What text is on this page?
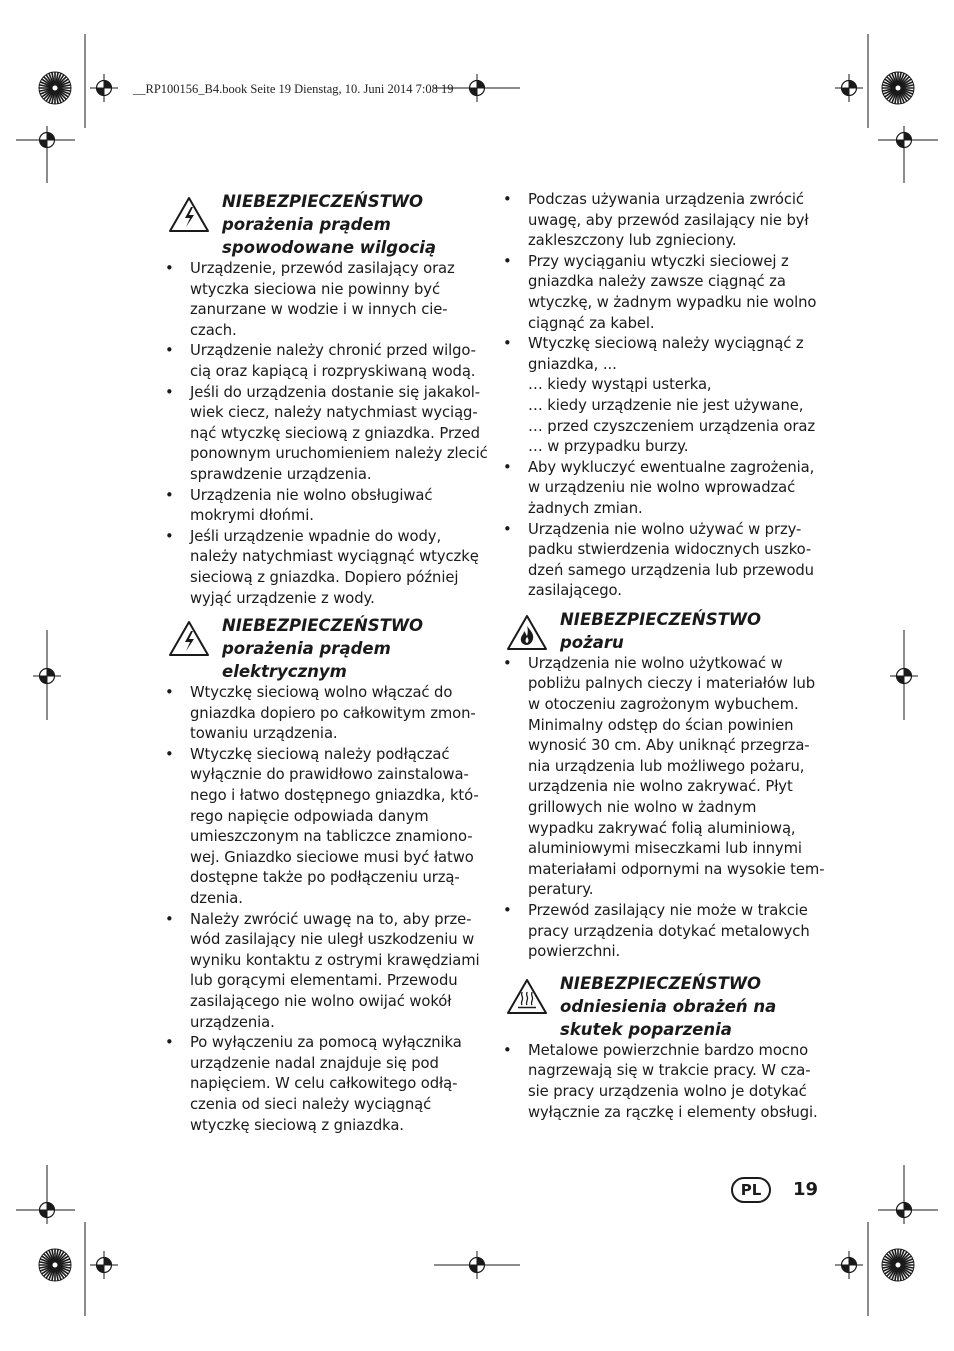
__RP100156_B4.book Seite 19 Dienstag, 10. Juni 2014 7:08 19
NIEBEZPIECZEŃSTWO
porażenia prądem
spowodowane wilgocią
• Urządzenie, przewód zasilający oraz
wtyczka sieciowa nie powinny być
zanurzane w wodzie i w innych cie-
czach.
• Urządzenie należy chronić przed wilgo-
cią oraz kapiącą i rozpryskiwaną wodą.
• Jeśli do urządzenia dostanie się jakakol-
wiek ciecz, należy natychmiast wyciąg-
nąć wtyczkę sieciową z gniazdka. Przed
ponownym uruchomieniem należy zlecić
sprawdzenie urządzenia.
• Urządzenia nie wolno obsługiwać
mokrymi dłońmi.
• Jeśli urządzenie wpadnie do wody,
należy natychmiast wyciągnąć wtyczkę
sieciową z gniazdka. Dopiero później
wyjąć urządzenie z wody.
NIEBEZPIECZEŃSTWO
porażenia prądem
elektrycznym
• Wtyczkę sieciową wolno włączać do
gniazdka dopiero po całkowitym zmon-
towaniu urządzenia.
• Wtyczkę sieciową należy podłączać
wyłącznie do prawidłowo zainstalowa-
nego i łatwo dostępnego gniazdka, któ-
rego napięcie odpowiada danym
umieszczonym na tabliczce znamiono-
wej. Gniazdko sieciowe musi być łatwo
dostępne także po podłączeniu urzą-
dzenia.
• Należy zwrócić uwagę na to, aby prze-
wód zasilający nie uległ uszkodzeniu w
wyniku kontaktu z ostrymi krawędziami
lub gorącymi elementami. Przewodu
zasilającego nie wolno owijać wokół
urządzenia.
• Po wyłączeniu za pomocą wyłącznika
urządzenie nadal znajduje się pod
napięciem. W celu całkowitego odłą-
czenia od sieci należy wyciągnąć
wtyczkę sieciową z gniazdka.
• Podczas używania urządzenia zwrócić
uwagę, aby przewód zasilający nie był
zakleszczony lub zgnieciony.
• Przy wyciąganiu wtyczki sieciowej z
gniazdka należy zawsze ciągnąć za
wtyczkę, w żadnym wypadku nie wolno
ciągnąć za kabel.
• Wtyczkę sieciową należy wyciągnąć z
gniazdka, ...
… kiedy wystąpi usterka,
… kiedy urządzenie nie jest używane,
… przed czyszczeniem urządzenia oraz
… w przypadku burzy.
• Aby wykluczyć ewentualne zagrożenia,
w urządzeniu nie wolno wprowadzać
żadnych zmian.
• Urządzenia nie wolno używać w przy-
padku stwierdzenia widocznych uszko-
dzeń samego urządzenia lub przewodu
zasilającego.
NIEBEZPIECZEŃSTWO
pożaru
• Urządzenia nie wolno użytkować w
pobliżu palnych cieczy i materiałów lub
w otoczeniu zagrożonym wybuchem.
Minimalny odstęp do ścian powinien
wynosić 30 cm. Aby uniknąć przegrza-
nia urządzenia lub możliwego pożaru,
urządzenia nie wolno zakrywać. Płyt
grillowych nie wolno w żadnym
wypadku zakrywać folią aluminiową,
aluminiowymi miseczkami lub innymi
materiałami odpornymi na wysokie tem-
peratury.
• Przewód zasilający nie może w trakcie
pracy urządzenia dotykać metalowych
powierzchni.
NIEBEZPIECZEŃSTWO
odniesienia obrażeń na
skutek poparzenia
• Metalowe powierzchnie bardzo mocno
nagrzewają się w trakcie pracy. W cza-
sie pracy urządzenia wolno je dotykać
wyłącznie za rączkę i elementy obsługi.
PL	19
